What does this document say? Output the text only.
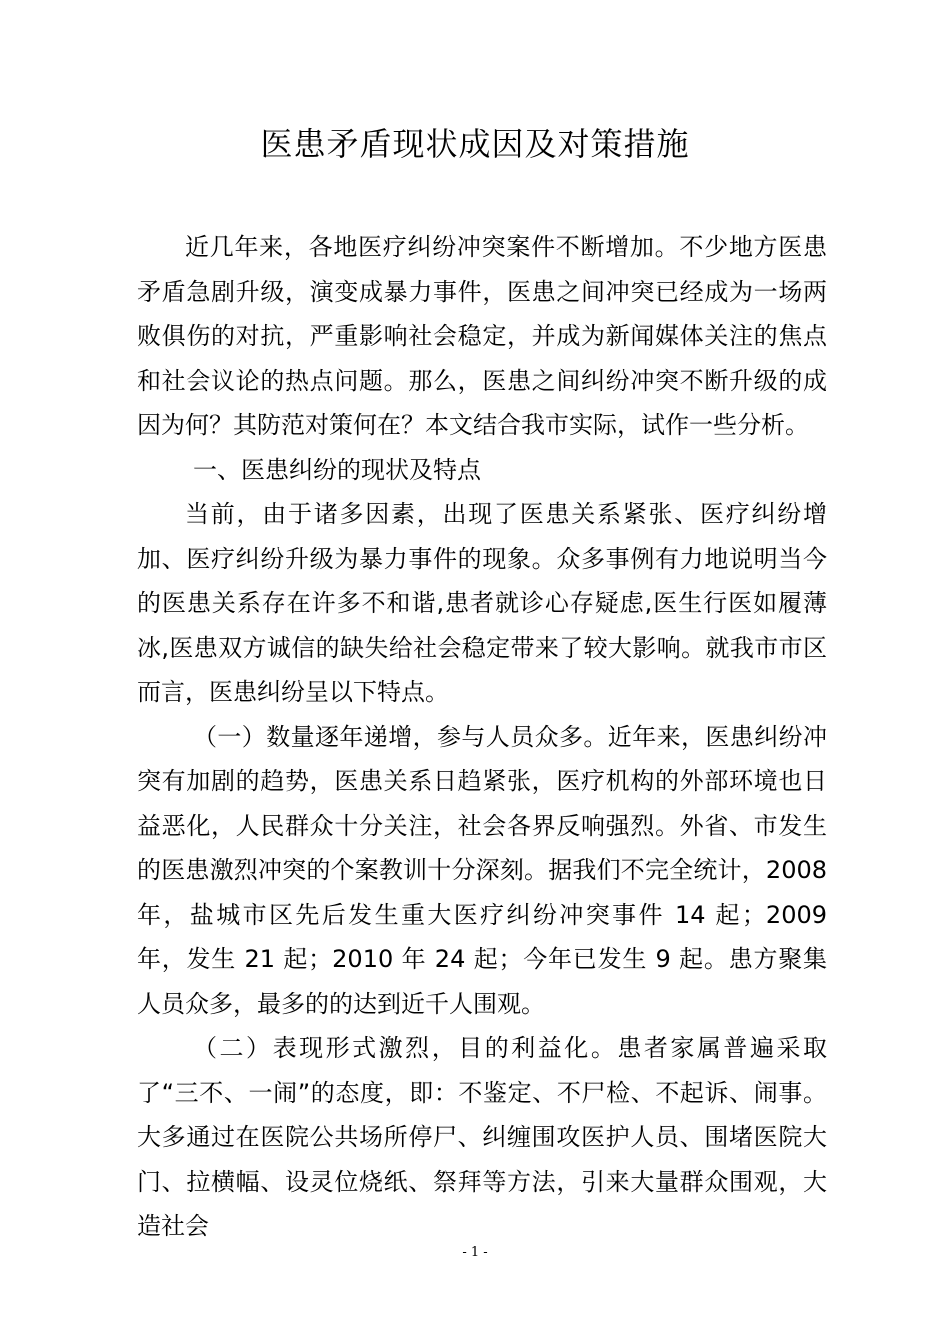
医患矛盾现状成因及对策措施

近几年来，各地医疗纠纷冲突案件不断增加。不少地方医患矛盾急剧升级，演变成暴力事件，医患之间冲突已经成为一场两败俱伤的对抗，严重影响社会稳定，并成为新闻媒体关注的焦点和社会议论的热点问题。那么，医患之间纠纷冲突不断升级的成因为何？其防范对策何在？本文结合我市实际，试作一些分析。

一、医患纠纷的现状及特点

当前，由于诸多因素，出现了医患关系紧张、医疗纠纷增加、医疗纠纷升级为暴力事件的现象。众多事例有力地说明当今的医患关系存在许多不和谐,患者就诊心存疑虑,医生行医如履薄冰,医患双方诚信的缺失给社会稳定带来了较大影响。就我市市区而言，医患纠纷呈以下特点。

（一）数量逐年递增，参与人员众多。近年来，医患纠纷冲突有加剧的趋势，医患关系日趋紧张，医疗机构的外部环境也日益恶化，人民群众十分关注，社会各界反响强烈。外省、市发生的医患激烈冲突的个案教训十分深刻。据我们不完全统计，2008年，盐城市区先后发生重大医疗纠纷冲突事件 14 起；2009 年，发生 21 起；2010 年 24 起；今年已发生 9 起。患方聚集人员众多，最多的的达到近千人围观。

（二）表现形式激烈，目的利益化。患者家属普遍采取了“三不、一闹”的态度，即：不鉴定、不尸检、不起诉、闹事。大多通过在医院公共场所停尸、纠缠围攻医护人员、围堵医院大门、拉横幅、设灵位烧纸、祭拜等方法，引来大量群众围观，大造社会

- 1 -
